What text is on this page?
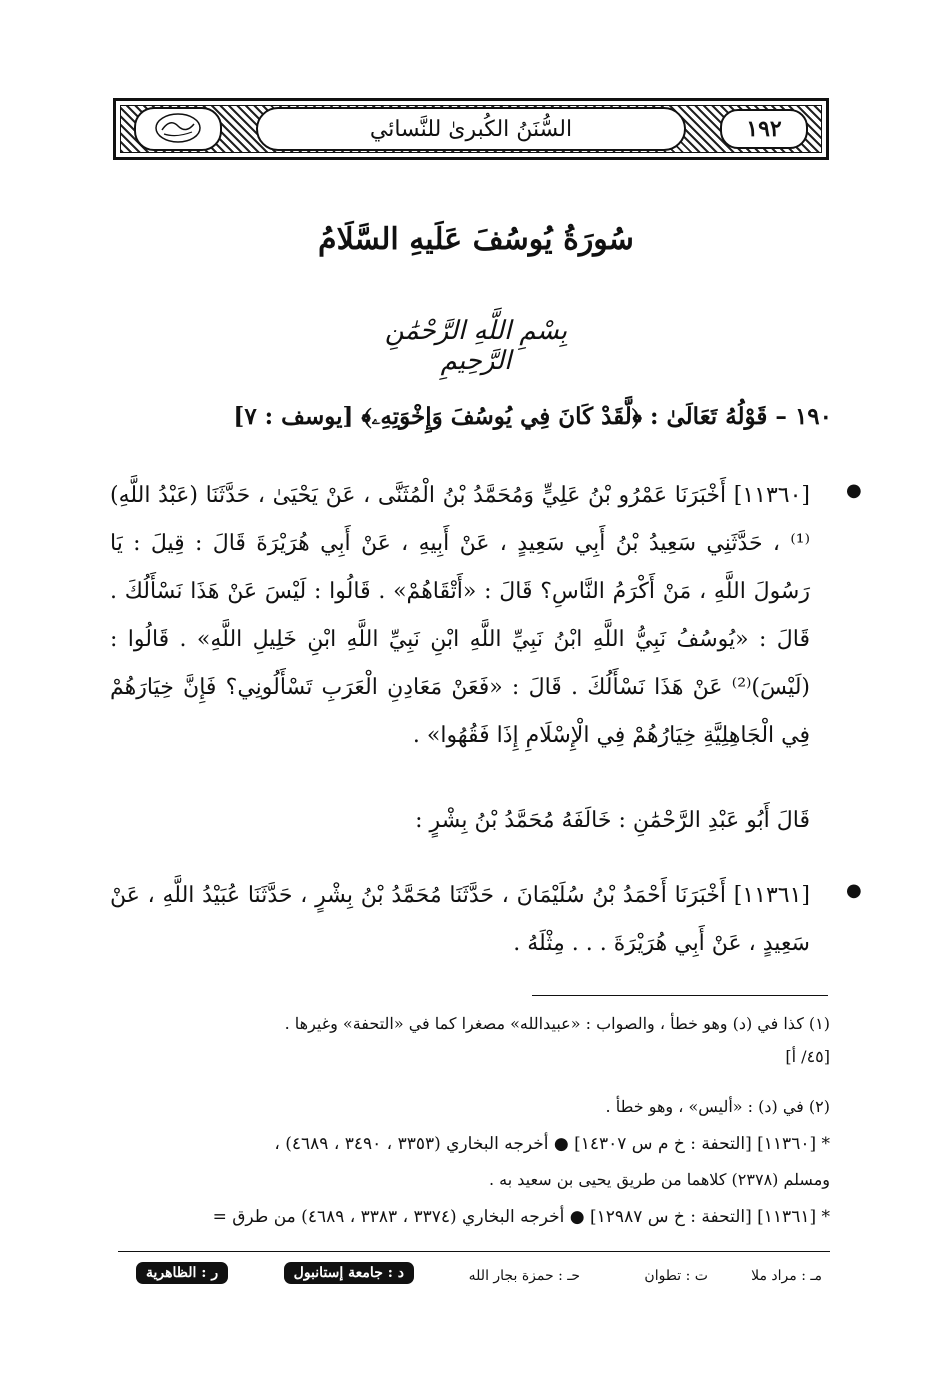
السُّنَنُ الكُبرىٰ للنَّسائي	١٩٢
سُورَةُ يُوسُفَ عَلَيهِ السَّلَامُ
بِسْمِ اللَّهِ الرَّحْمَٰنِ الرَّحِيمِ
١٩٠ – قَوْلُهُ تَعَالَىٰ : ﴿لَّقَدْ كَانَ فِي يُوسُفَ وَإِخْوَتِهِۦ﴾ [يوسف : ٧]
●
[١١٣٦٠] أَخْبَرَنَا عَمْرُو بْنُ عَلِيٍّ وَمُحَمَّدُ بْنُ الْمُثَنَّى ، عَنْ يَحْيَىٰ ، حَدَّثَنَا (عَبْدُ اللَّهِ)⁽¹⁾ ، حَدَّثَنِي سَعِيدُ بْنُ أَبِي سَعِيدٍ ، عَنْ أَبِيهِ ، عَنْ أَبِي هُرَيْرَةَ قَالَ : قِيلَ : يَا رَسُولَ اللَّهِ ، مَنْ أَكْرَمُ النَّاسِ؟ قَالَ : «أَتْقَاهُمْ» . قَالُوا : لَيْسَ عَنْ هَذَا نَسْأَلُكَ . قَالَ : «يُوسُفُ نَبِيُّ اللَّهِ ابْنُ نَبِيِّ اللَّهِ ابْنِ نَبِيِّ اللَّهِ ابْنِ خَلِيلِ اللَّهِ» . قَالُوا : (لَيْسَ)⁽²⁾ عَنْ هَذَا نَسْأَلُكَ . قَالَ : «فَعَنْ مَعَادِنِ الْعَرَبِ تَسْأَلُونِي؟ فَإِنَّ خِيَارَهُمْ فِي الْجَاهِلِيَّةِ خِيَارُهُمْ فِي الْإِسْلَامِ إِذَا فَقُهُوا» .
قَالَ أَبُو عَبْدِ الرَّحْمَٰنِ : خَالَفَهُ مُحَمَّدُ بْنُ بِشْرٍ :
●
[١١٣٦١] أَخْبَرَنَا أَحْمَدُ بْنُ سُلَيْمَانَ ، حَدَّثَنَا مُحَمَّدُ بْنُ بِشْرٍ ، حَدَّثَنَا عُبَيْدُ اللَّهِ ، عَنْ سَعِيدٍ ، عَنْ أَبِي هُرَيْرَةَ . . . مِثْلَهُ .
(١) كذا في (د) وهو خطأ ، والصواب : «عبيدالله» مصغرا كما في «التحفة» وغيرها .
[٤٥/ أ]
(٢) في (د) : «أليس» ، وهو خطأ .
* [١١٣٦٠] [التحفة : خ م س ١٤٣٠٧] ● أخرجه البخاري (٣٣٥٣ ، ٣٤٩٠ ، ٤٦٨٩) ،
ومسلم (٢٣٧٨) كلاهما من طريق يحيى بن سعيد به .
* [١١٣٦١] [التحفة : خ س ١٢٩٨٧] ● أخرجه البخاري (٣٣٧٤ ، ٣٣٨٣ ، ٤٦٨٩) من طرق =
مـ : مراد ملا
ت : تطوان
حـ : حمزة بجار الله
د : جامعة إستانبول
ر : الظاهرية
